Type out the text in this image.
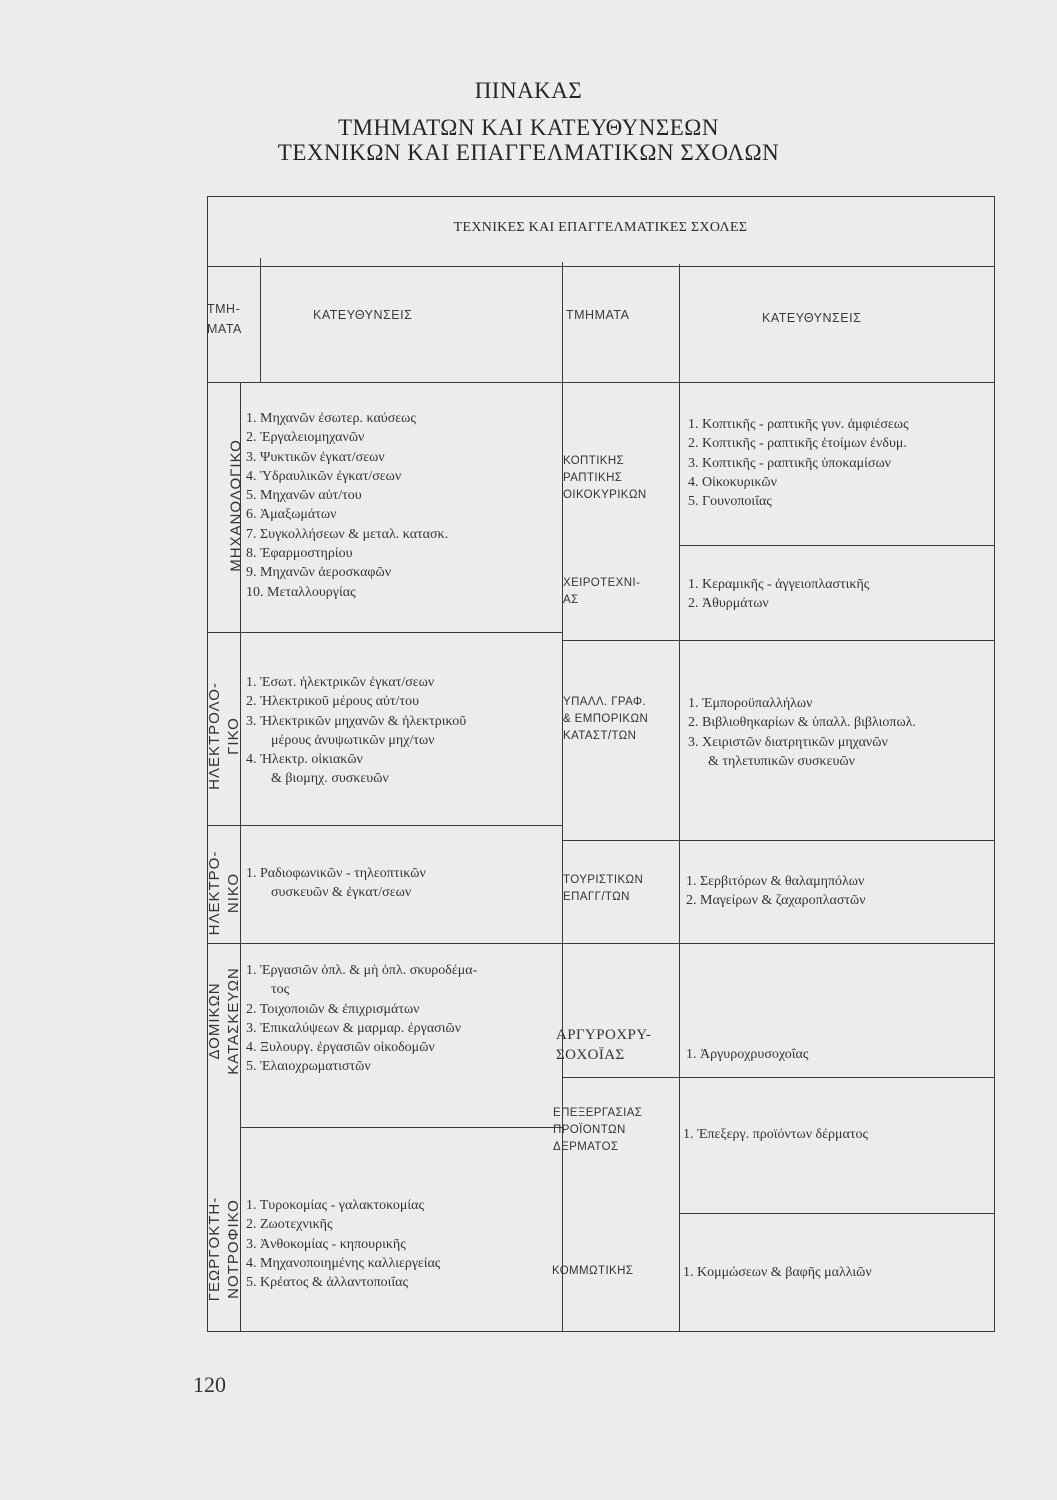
ΠΙΝΑΚΑΣ
ΤΜΗΜΑΤΩΝ ΚΑΙ ΚΑΤΕΥΘΥΝΣΕΩΝ
ΤΕΧΝΙΚΩΝ ΚΑΙ ΕΠΑΓΓΕΛΜΑΤΙΚΩΝ ΣΧΟΛΩΝ
ΤΕΧΝΙΚΕΣ ΚΑΙ ΕΠΑΓΓΕΛΜΑΤΙΚΕΣ ΣΧΟΛΕΣ
ΤΜΗ-
ΜΑΤΑ
ΚΑΤΕΥΘΥΝΣΕΙΣ	ΤΜΗΜΑΤΑ	ΚΑΤΕΥΘΥΝΣΕΙΣ
ΜΗΧΑΝΟΛΟΓΙΚΟ
ΗΛΕΚΤΡΟΛΟ- ΓΙΚΟ
ΗΛΕΚΤΡΟ- ΝΙΚΟ
ΔΟΜΙΚΩΝ ΚΑΤΑΣΚΕΥΩΝ
ΓΕΩΡΓΟΚΤΗ- ΝΟΤΡΟΦΙΚΟ
1. Μηχανῶν ἐσωτερ. καύσεως
2. Ἐργαλειομηχανῶν
3. Ψυκτικῶν ἐγκατ/σεων
4. Ὑδραυλικῶν ἐγκατ/σεων
5. Μηχανῶν αὐτ/του
6. Ἁμαξωμάτων
7. Συγκολλήσεων & μεταλ. κατασκ.
8. Ἐφαρμοστηρίου
9. Μηχανῶν ἀεροσκαφῶν
10. Μεταλλουργίας
1. Ἐσωτ. ἠλεκτρικῶν ἐγκατ/σεων
2. Ἠλεκτρικοῦ μέρους αὐτ/του
3. Ἠλεκτρικῶν μηχανῶν & ἠλεκτρικοῦ
μέρους ἀνυψωτικῶν μηχ/των
4. Ἠλεκτρ. οἰκιακῶν
& βιομηχ. συσκευῶν
1. Ραδιοφωνικῶν - τηλεοπτικῶν
συσκευῶν & ἐγκατ/σεων
1. Ἐργασιῶν ὁπλ. & μὴ ὁπλ. σκυροδέμα-
τος
2. Τοιχοποιῶν & ἐπιχρισμάτων
3. Ἐπικαλύψεων & μαρμαρ. ἐργασιῶν
4. Ξυλουργ. ἐργασιῶν οἰκοδομῶν
5. Ἐλαιοχρωματιστῶν
1. Τυροκομίας - γαλακτοκομίας
2. Ζωοτεχνικῆς
3. Ἀνθοκομίας - κηπουρικῆς
4. Μηχανοποιημένης καλλιεργείας
5. Κρέατος & ἀλλαντοποιΐας
ΚΟΠΤΙΚΗΣ
ΡΑΠΤΙΚΗΣ
ΟΙΚΟΚΥΡΙΚΩΝ
ΧΕΙΡΟΤΕΧΝΙ-
ΑΣ
ΥΠΑΛΛ. ΓΡΑΦ.
& ΕΜΠΟΡΙΚΩΝ
ΚΑΤΑΣΤ/ΤΩΝ
ΤΟΥΡΙΣΤΙΚΩΝ
ΕΠΑΓΓ/ΤΩΝ
ΑΡΓΥΡΟΧΡΥ-
ΣΟΧΟΪΑΣ
ΕΠΕΞΕΡΓΑΣΙΑΣ
ΠΡΟΪΟΝΤΩΝ
ΔΕΡΜΑΤΟΣ
ΚΟΜΜΩΤΙΚΗΣ
1. Κοπτικῆς - ραπτικῆς γυν. ἀμφιέσεως
2. Κοπτικῆς - ραπτικῆς ἑτοίμων ἐνδυμ.
3. Κοπτικῆς - ραπτικῆς ὑποκαμίσων
4. Οἰκοκυρικῶν
5. Γουνοποιΐας
1. Κεραμικῆς - ἀγγειοπλαστικῆς
2. Ἀθυρμάτων
1. Ἐμποροϋπαλλήλων
2. Βιβλιοθηκαρίων & ὑπαλλ. βιβλιοπωλ.
3. Χειριστῶν διατρητικῶν μηχανῶν
& τηλετυπικῶν συσκευῶν
1. Σερβιτόρων & θαλαμηπόλων
2. Μαγείρων & ζαχαροπλαστῶν
1. Ἀργυροχρυσοχοΐας
1. Ἐπεξεργ. προϊόντων δέρματος
1. Κομμώσεων & βαφῆς μαλλιῶν
120
